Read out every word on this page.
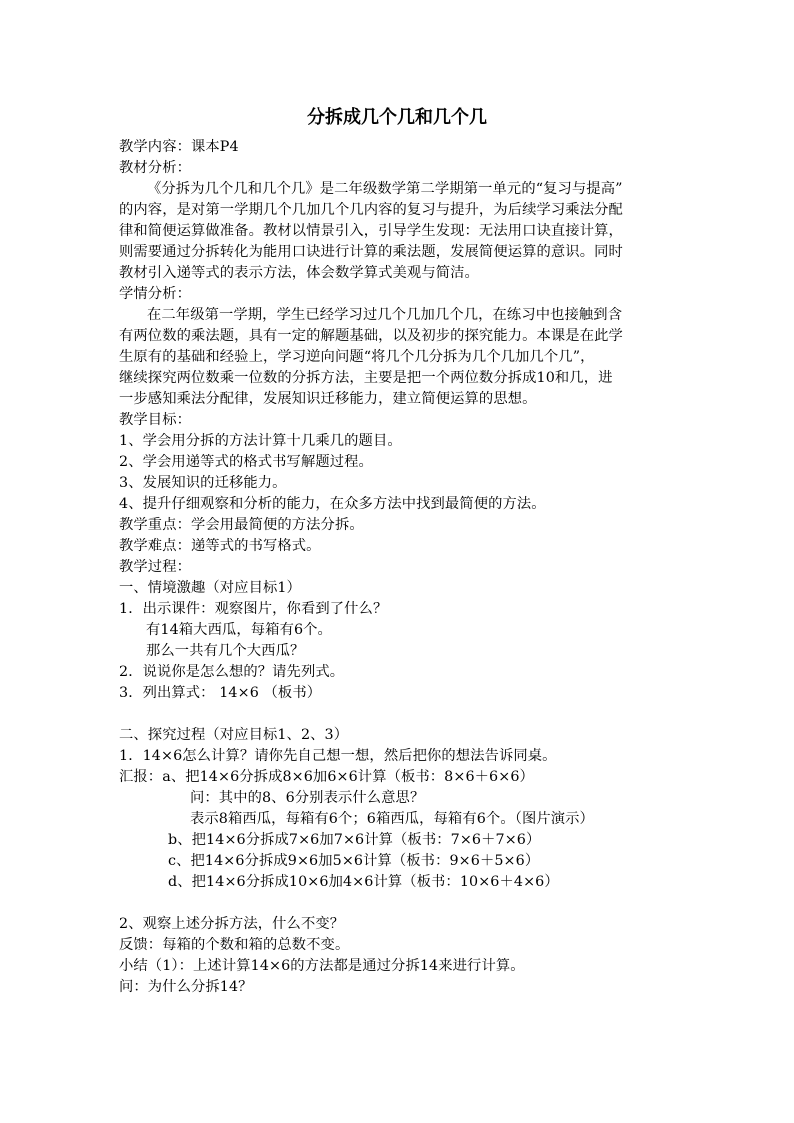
分拆成几个几和几个几
教学内容：课本P4
教材分析：
《分拆为几个几和几个几》是二年级数学第二学期第一单元的“复习与提高”
的内容，是对第一学期几个几加几个几内容的复习与提升，为后续学习乘法分配
律和简便运算做准备。教材以情景引入，引导学生发现：无法用口诀直接计算，
则需要通过分拆转化为能用口诀进行计算的乘法题，发展简便运算的意识。同时
教材引入递等式的表示方法，体会数学算式美观与简洁。
学情分析：
在二年级第一学期，学生已经学习过几个几加几个几，在练习中也接触到含
有两位数的乘法题，具有一定的解题基础，以及初步的探究能力。本课是在此学
生原有的基础和经验上，学习逆向问题“将几个几分拆为几个几加几个几”，
继续探究两位数乘一位数的分拆方法，主要是把一个两位数分拆成10和几，进
一步感知乘法分配律，发展知识迁移能力，建立简便运算的思想。
教学目标：
1、学会用分拆的方法计算十几乘几的题目。
2、学会用递等式的格式书写解题过程。
3、发展知识的迁移能力。
4、提升仔细观察和分析的能力，在众多方法中找到最简便的方法。
教学重点：学会用最简便的方法分拆。
教学难点：递等式的书写格式。
教学过程：
一、情境激趣（对应目标1）
1．出示课件：观察图片，你看到了什么？
有14箱大西瓜，每箱有6个。
那么一共有几个大西瓜？
2．说说你是怎么想的？请先列式。
3．列出算式： 14×6 （板书）
二、探究过程（对应目标1、2、3）
1．14×6怎么计算？请你先自己想一想，然后把你的想法告诉同桌。
汇报：a、把14×6分拆成8×6加6×6计算（板书：8×6＋6×6）
问：其中的8、6分别表示什么意思？
表示8箱西瓜，每箱有6个；6箱西瓜，每箱有6个。（图片演示）
b、把14×6分拆成7×6加7×6计算（板书：7×6＋7×6）
c、把14×6分拆成9×6加5×6计算（板书：9×6＋5×6）
d、把14×6分拆成10×6加4×6计算（板书：10×6＋4×6）
2、观察上述分拆方法，什么不变？
反馈：每箱的个数和箱的总数不变。
小结（1）：上述计算14×6的方法都是通过分拆14来进行计算。
问：为什么分拆14？
